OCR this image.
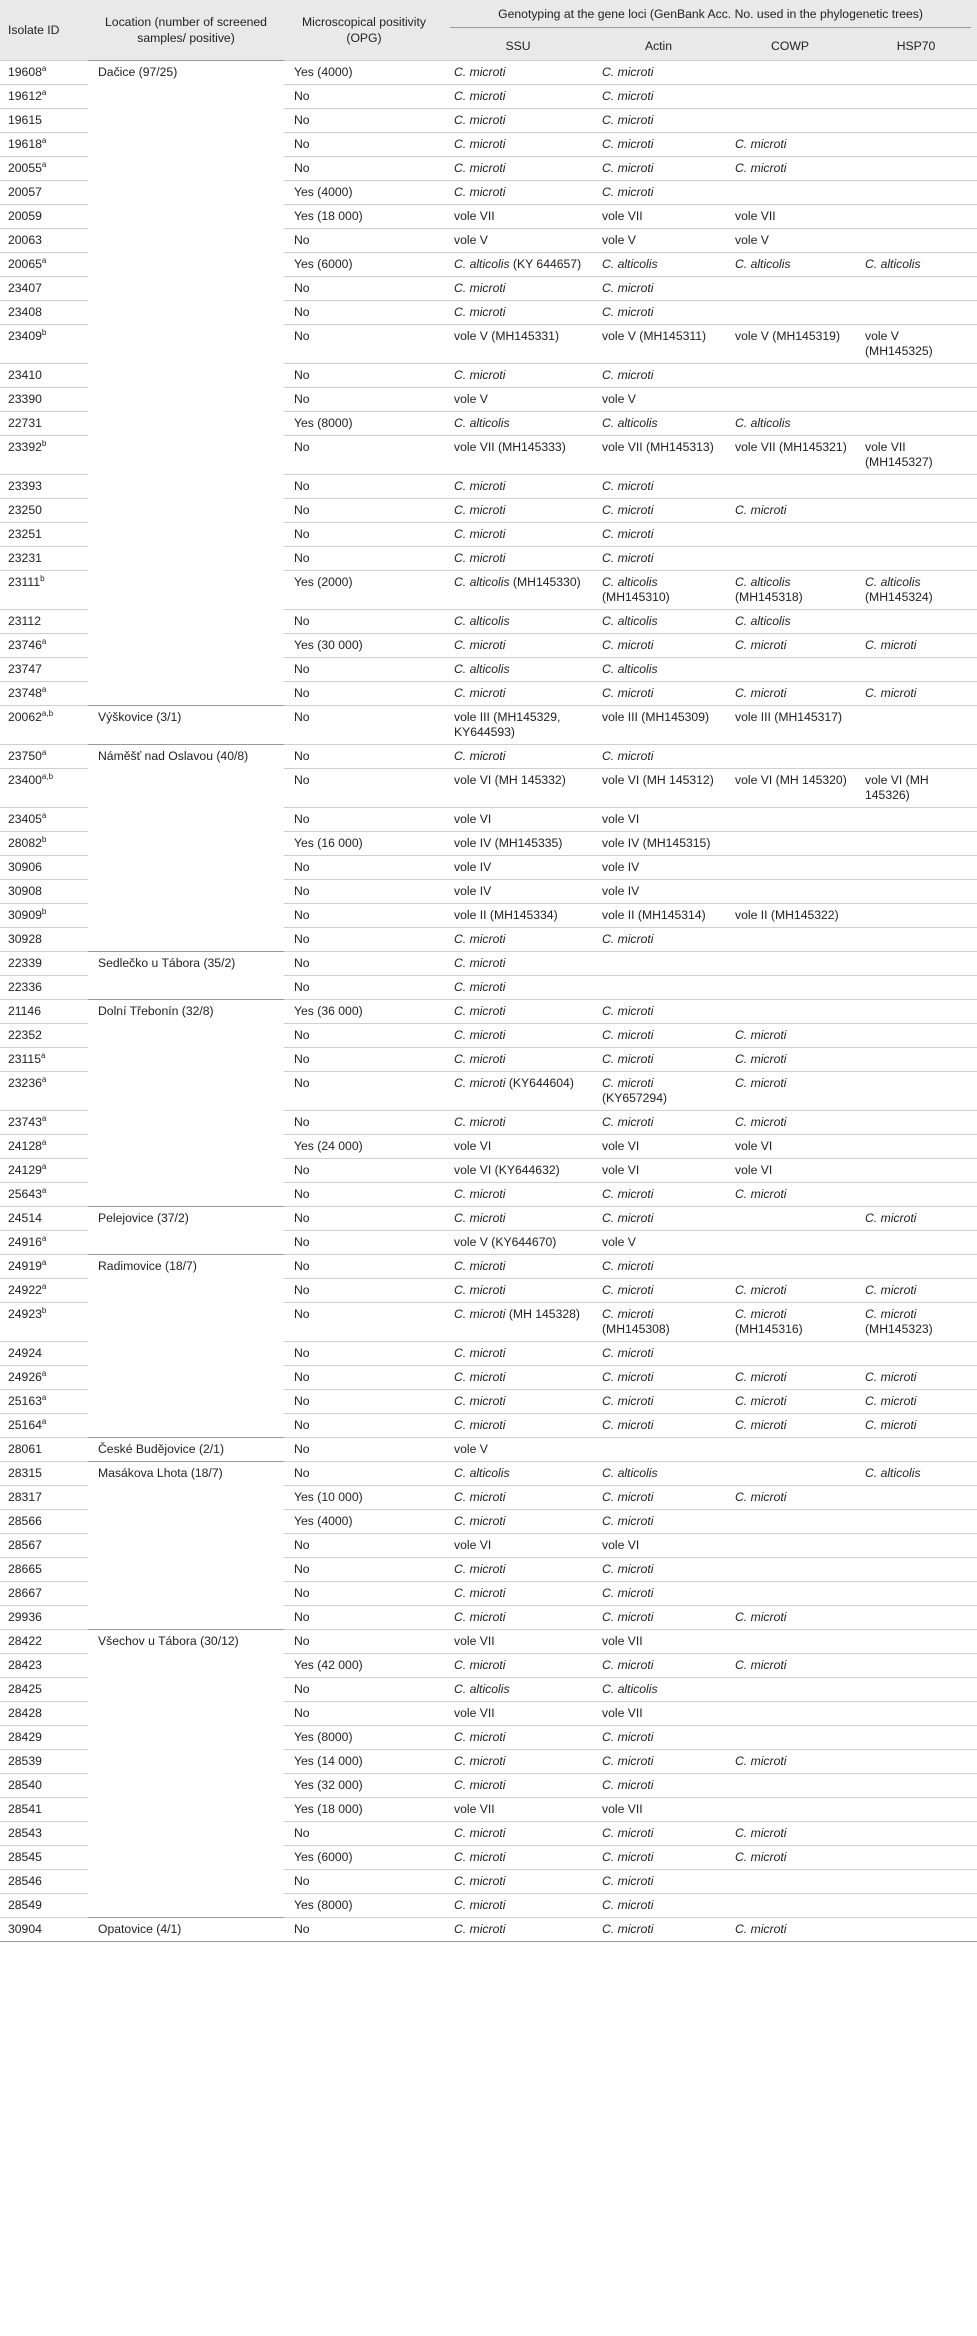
Isolate ID	Location (number of screened samples/ positive)	Microscopical positivity (OPG)	Genotyping at the gene loci (GenBank Acc. No. used in the phylogenetic trees)			

			SSU	Actin	COWP	HSP70
19608$^a$	Dačice (97/25)	Yes (4000)	C. microti	C. microti		
19612$^a$		No	C. microti	C. microti		
19615		No	C. microti	C. microti		
19618$^a$		No	C. microti	C. microti	C. microti	
20055$^a$		No	C. microti	C. microti	C. microti	
20057		Yes (4000)	C. microti	C. microti		
20059		Yes (18 000)	vole VII	vole VII	vole VII	
20063		No	vole V	vole V	vole V	
20065$^a$		Yes (6000)	C. alticolis (KY 644657)	C. alticolis	C. alticolis	C. alticolis
23407		No	C. microti	C. microti		
23408		No	C. microti	C. microti		
23409$^b$		No	vole V (MH145331)	vole V (MH145311)	vole V (MH145319)	vole V (MH145325)
23410		No	C. microti	C. microti		
23390		No	vole V	vole V		
22731		Yes (8000)	C. alticolis	C. alticolis	C. alticolis	
23392$^b$		No	vole VII (MH145333)	vole VII (MH145313)	vole VII (MH145321)	vole VII (MH145327)
23393		No	C. microti	C. microti		
23250		No	C. microti	C. microti	C. microti	
23251		No	C. microti	C. microti		
23231		No	C. microti	C. microti		
23111$^b$		Yes (2000)	C. alticolis (MH145330)	C. alticolis (MH145310)	C. alticolis (MH145318)	C. alticolis (MH145324)
23112		No	C. alticolis	C. alticolis	C. alticolis	
23746$^a$		Yes (30 000)	C. microti	C. microti	C. microti	C. microti
23747		No	C. alticolis	C. alticolis		
23748$^a$		No	C. microti	C. microti	C. microti	C. microti
20062$^{a,b}$	Výškovice (3/1)	No	vole III (MH145329, KY644593)	vole III (MH145309)	vole III (MH145317)	
23750$^a$	Náměšť nad Oslavou (40/8)	No	C. microti	C. microti		
23400$^{a,b}$		No	vole VI (MH 145332)	vole VI (MH 145312)	vole VI (MH 145320)	vole VI (MH 145326)
23405$^a$		No	vole VI	vole VI		
28082$^b$		Yes (16 000)	vole IV (MH145335)	vole IV (MH145315)		
30906		No	vole IV	vole IV		
30908		No	vole IV	vole IV		
30909$^b$		No	vole II (MH145334)	vole II (MH145314)	vole II (MH145322)	
30928		No	C. microti	C. microti		
22339	Sedlečko u Tábora (35/2)	No	C. microti			
22336		No	C. microti			
21146	Dolní Třebonín (32/8)	Yes (36 000)	C. microti	C. microti		
22352		No	C. microti	C. microti	C. microti	
23115$^a$		No	C. microti	C. microti	C. microti	
23236$^a$		No	C. microti (KY644604)	C. microti (KY657294)	C. microti	
23743$^a$		No	C. microti	C. microti	C. microti	
24128$^a$		Yes (24 000)	vole VI	vole VI	vole VI	
24129$^a$		No	vole VI (KY644632)	vole VI	vole VI	
25643$^a$		No	C. microti	C. microti	C. microti	
24514	Pelejovice (37/2)	No	C. microti	C. microti		C. microti
24916$^a$		No	vole V (KY644670)	vole V		
24919$^a$	Radimovice (18/7)	No	C. microti	C. microti		
24922$^a$		No	C. microti	C. microti	C. microti	C. microti
24923$^b$		No	C. microti (MH 145328)	C. microti (MH145308)	C. microti (MH145316)	C. microti (MH145323)
24924		No	C. microti	C. microti		
24926$^a$		No	C. microti	C. microti	C. microti	C. microti
25163$^a$		No	C. microti	C. microti	C. microti	C. microti
25164$^a$		No	C. microti	C. microti	C. microti	C. microti
28061	České Budějovice (2/1)	No	vole V			
28315	Masákova Lhota (18/7)	No	C. alticolis	C. alticolis		C. alticolis
28317		Yes (10 000)	C. microti	C. microti	C. microti	
28566		Yes (4000)	C. microti	C. microti		
28567		No	vole VI	vole VI		
28665		No	C. microti	C. microti		
28667		No	C. microti	C. microti		
29936		No	C. microti	C. microti	C. microti	
28422	Všechov u Tábora (30/12)	No	vole VII	vole VII		
28423		Yes (42 000)	C. microti	C. microti	C. microti	
28425		No	C. alticolis	C. alticolis		
28428		No	vole VII	vole VII		
28429		Yes (8000)	C. microti	C. microti		
28539		Yes (14 000)	C. microti	C. microti	C. microti	
28540		Yes (32 000)	C. microti	C. microti		
28541		Yes (18 000)	vole VII	vole VII		
28543		No	C. microti	C. microti	C. microti	
28545		Yes (6000)	C. microti	C. microti	C. microti	
28546		No	C. microti	C. microti		
28549		Yes (8000)	C. microti	C. microti		
30904	Opatovice (4/1)	No	C. microti	C. microti	C. microti	
